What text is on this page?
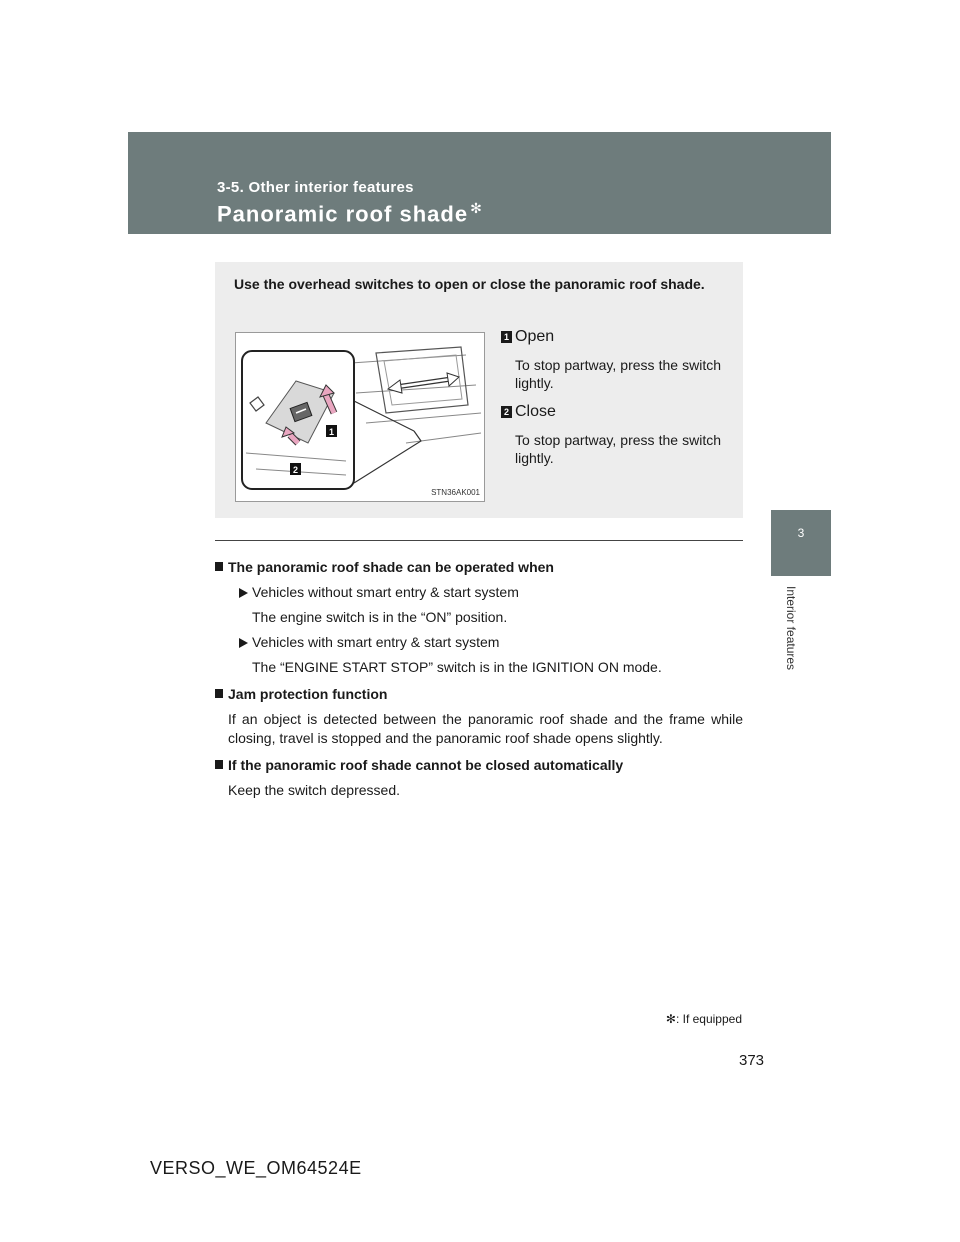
3-5. Other interior features
Panoramic roof shade ✻
3
Interior features
Use the overhead switches to open or close the panoramic roof shade.
1
2
STN36AK001
1 Open
To stop partway, press the switch lightly.
2 Close
To stop partway, press the switch lightly.
The panoramic roof shade can be operated when
Vehicles without smart entry & start system
The engine switch is in the “ON” position.
Vehicles with smart entry & start system
The “ENGINE START STOP” switch is in the IGNITION ON mode.
Jam protection function
If an object is detected between the panoramic roof shade and the frame while closing, travel is stopped and the panoramic roof shade opens slightly.
If the panoramic roof shade cannot be closed automatically
Keep the switch depressed.
✻: If equipped
373
VERSO_WE_OM64524E
